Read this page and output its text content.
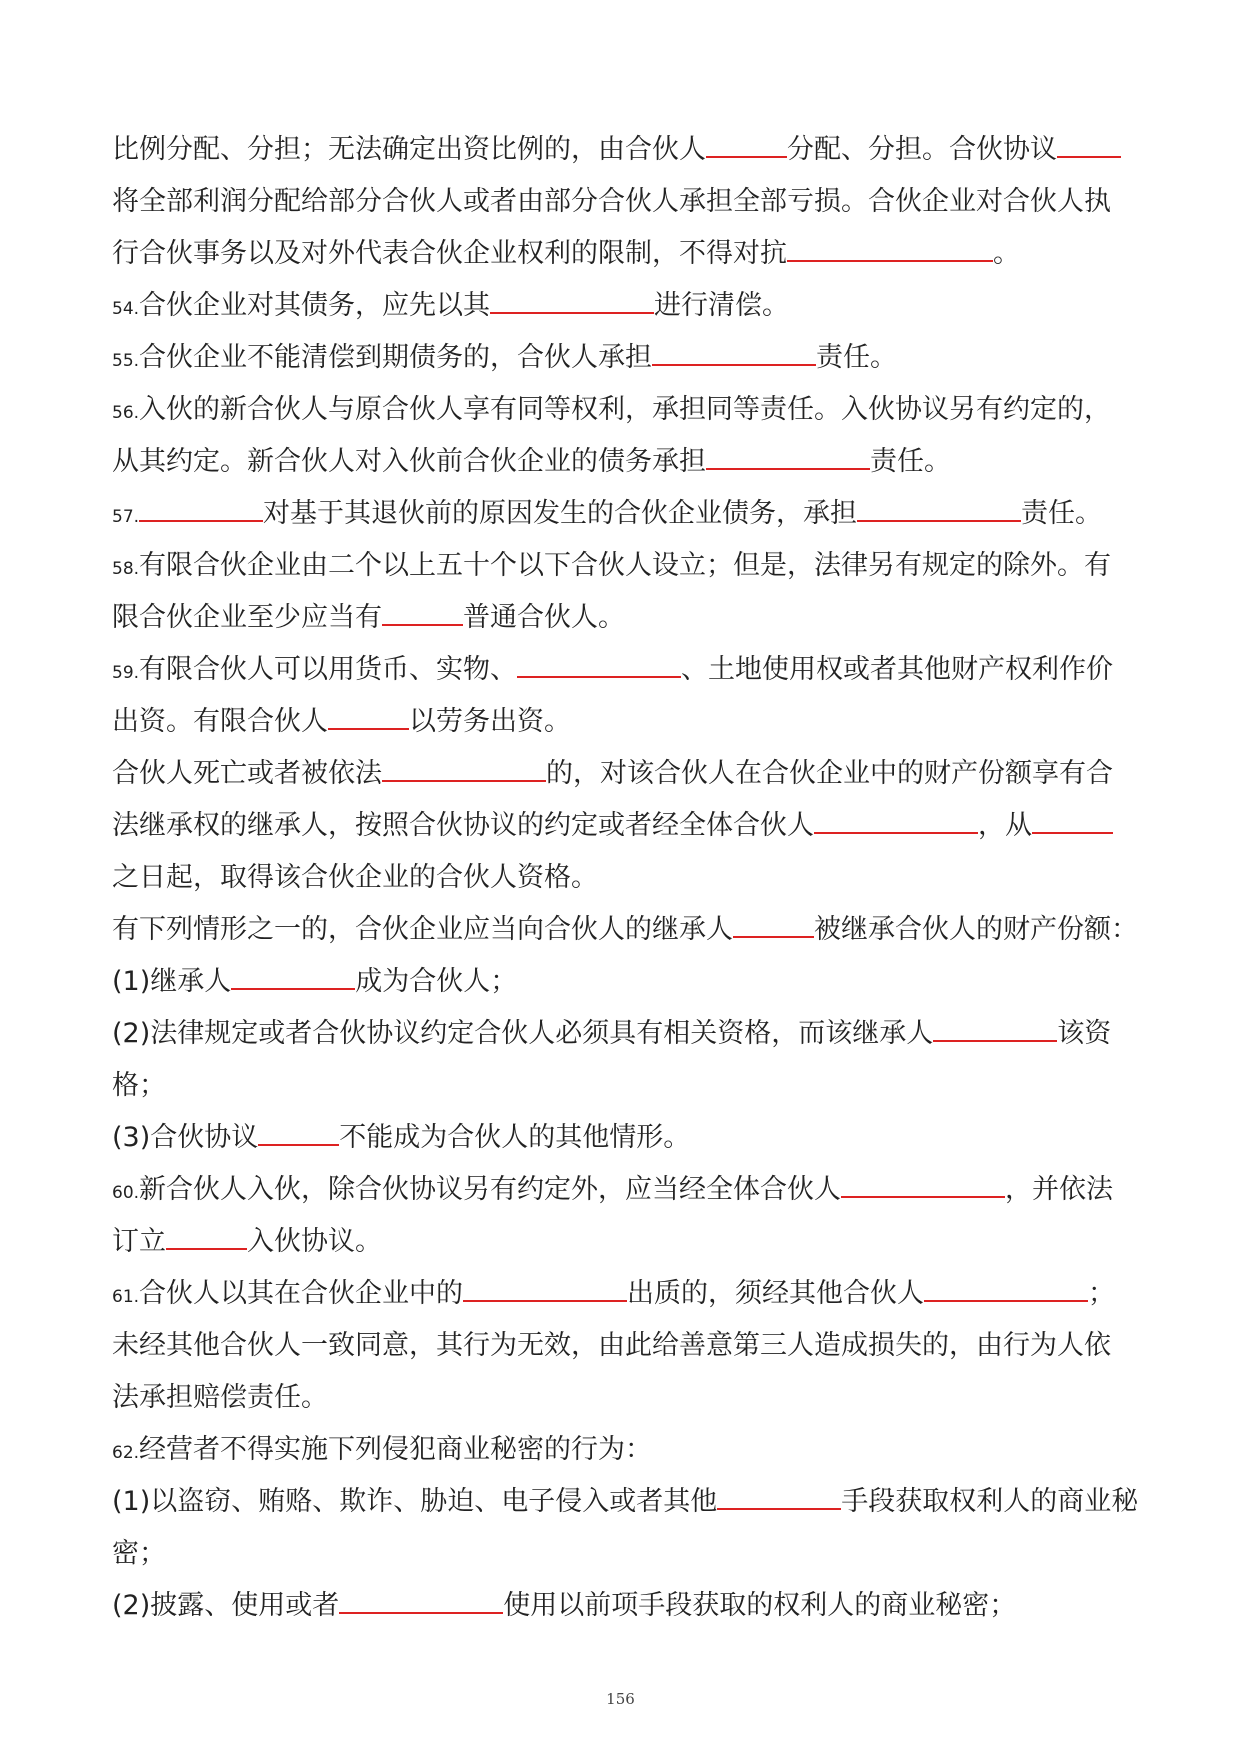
比例分配、分担；无法确定出资比例的，由合伙人	分配、分担。合伙协议
将全部利润分配给部分合伙人或者由部分合伙人承担全部亏损。合伙企业对合伙人执
行合伙事务以及对外代表合伙企业权利的限制，不得对抗	。
54.合伙企业对其债务，应先以其	进行清偿。
55.合伙企业不能清偿到期债务的，合伙人承担	责任。
56.入伙的新合伙人与原合伙人享有同等权利，承担同等责任。入伙协议另有约定的，
从其约定。新合伙人对入伙前合伙企业的债务承担	责任。
57.	对基于其退伙前的原因发生的合伙企业债务，承担	责任。
58.有限合伙企业由二个以上五十个以下合伙人设立；但是，法律另有规定的除外。有
限合伙企业至少应当有	普通合伙人。
59.有限合伙人可以用货币、实物、	、土地使用权或者其他财产权利作价
出资。有限合伙人	以劳务出资。
合伙人死亡或者被依法	的，对该合伙人在合伙企业中的财产份额享有合
法继承权的继承人，按照合伙协议的约定或者经全体合伙人	，从
之日起，取得该合伙企业的合伙人资格。
有下列情形之一的，合伙企业应当向合伙人的继承人	被继承合伙人的财产份额：
(1)继承人	成为合伙人；
(2)法律规定或者合伙协议约定合伙人必须具有相关资格，而该继承人	该资
格；
(3)合伙协议	不能成为合伙人的其他情形。
60.新合伙人入伙，除合伙协议另有约定外，应当经全体合伙人	，并依法
订立	入伙协议。
61.合伙人以其在合伙企业中的	出质的，须经其他合伙人	；
未经其他合伙人一致同意，其行为无效，由此给善意第三人造成损失的，由行为人依
法承担赔偿责任。
62.经营者不得实施下列侵犯商业秘密的行为：
(1)以盗窃、贿赂、欺诈、胁迫、电子侵入或者其他	手段获取权利人的商业秘
密；
(2)披露、使用或者	使用以前项手段获取的权利人的商业秘密；
156
